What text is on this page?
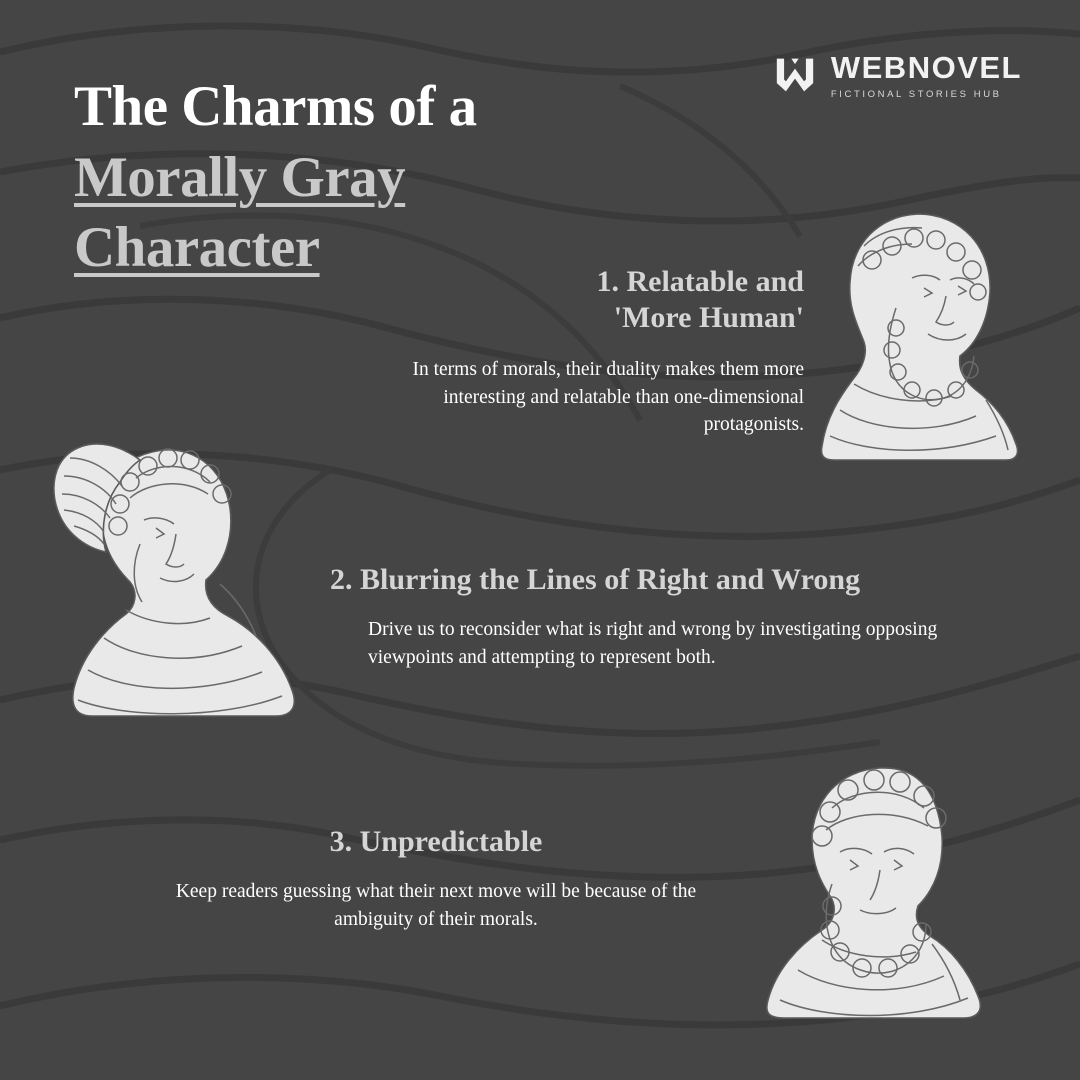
WEBNOVEL
FICTIONAL STORIES HUB
The Charms of a
Morally Gray
Character
1. Relatable and
'More Human'
In terms of morals, their duality makes them more interesting and relatable than one-dimensional protagonists.
2. Blurring the Lines of Right and Wrong
Drive us to reconsider what is right and wrong by investigating opposing viewpoints and attempting to represent both.
3. Unpredictable
Keep readers guessing what their next move will be because of the ambiguity of their morals.
